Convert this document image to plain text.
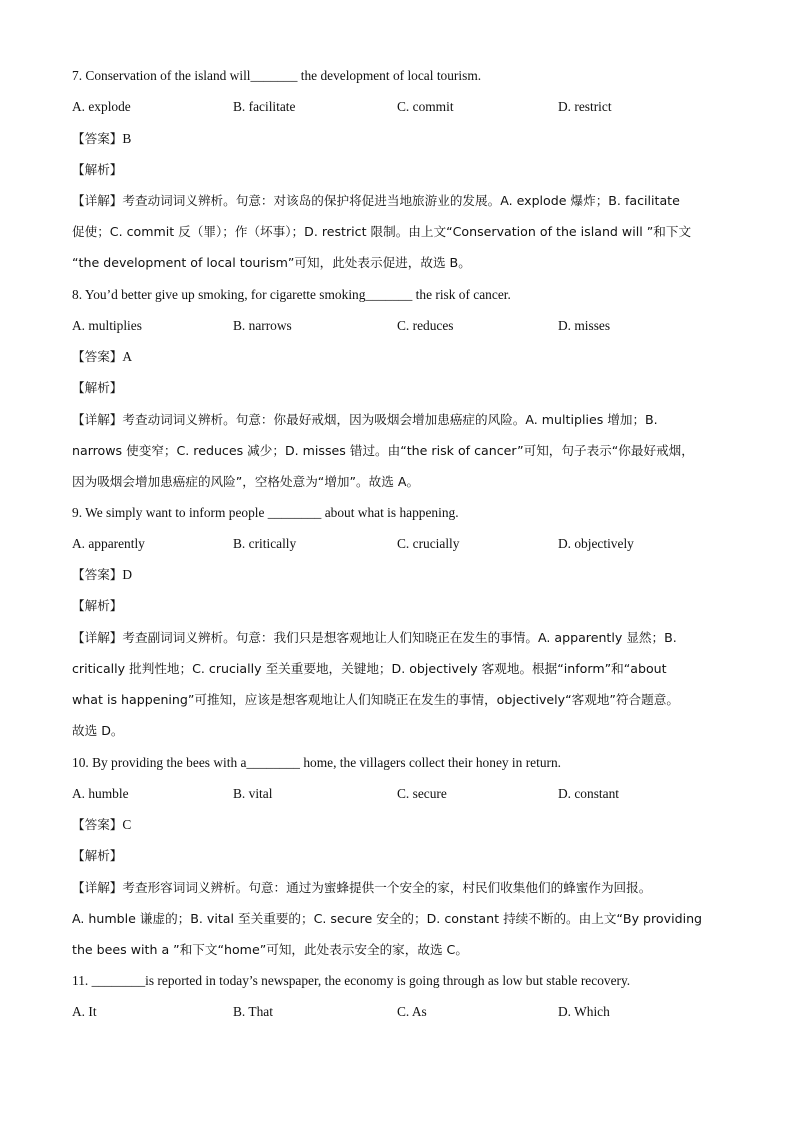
7. Conservation of the island will_______ the development of local tourism.
A. explode	B. facilitate	C. commit	D. restrict
【答案】B
【解析】
【详解】考查动词词义辨析。句意：对该岛的保护将促进当地旅游业的发展。A. explode 爆炸；B. facilitate
促使；C. commit 反（罪）；作（坏事）；D. restrict 限制。由上文“Conservation of the island will ”和下文
“the development of local tourism”可知，此处表示促进，故选 B。
8. You’d better give up smoking, for cigarette smoking_______ the risk of cancer.
A. multiplies	B. narrows	C. reduces	D. misses
【答案】A
【解析】
【详解】考查动词词义辨析。句意：你最好戒烟，因为吸烟会增加患癌症的风险。A. multiplies 增加；B.
narrows 使变窄；C. reduces 减少；D. misses 错过。由“the risk of cancer”可知，句子表示“你最好戒烟，
因为吸烟会增加患癌症的风险”，空格处意为“增加”。故选 A。
9. We simply want to inform people ________ about what is happening.
A. apparently	B. critically	C. crucially	D. objectively
【答案】D
【解析】
【详解】考查副词词义辨析。句意：我们只是想客观地让人们知晓正在发生的事情。A. apparently 显然；B.
critically 批判性地；C. crucially 至关重要地，关键地；D. objectively 客观地。根据“inform”和“about
what is happening”可推知，应该是想客观地让人们知晓正在发生的事情，objectively“客观地”符合题意。
故选 D。
10. By providing the bees with a________ home, the villagers collect their honey in return.
A. humble	B. vital	C. secure	D. constant
【答案】C
【解析】
【详解】考查形容词词义辨析。句意：通过为蜜蜂提供一个安全的家，村民们收集他们的蜂蜜作为回报。
A. humble 谦虚的；B. vital 至关重要的；C. secure 安全的；D. constant 持续不断的。由上文“By providing
the bees with a ”和下文“home”可知，此处表示安全的家，故选 C。
11. ________is reported in today’s newspaper, the economy is going through as low but stable recovery.
A. It	B. That	C. As	D. Which
